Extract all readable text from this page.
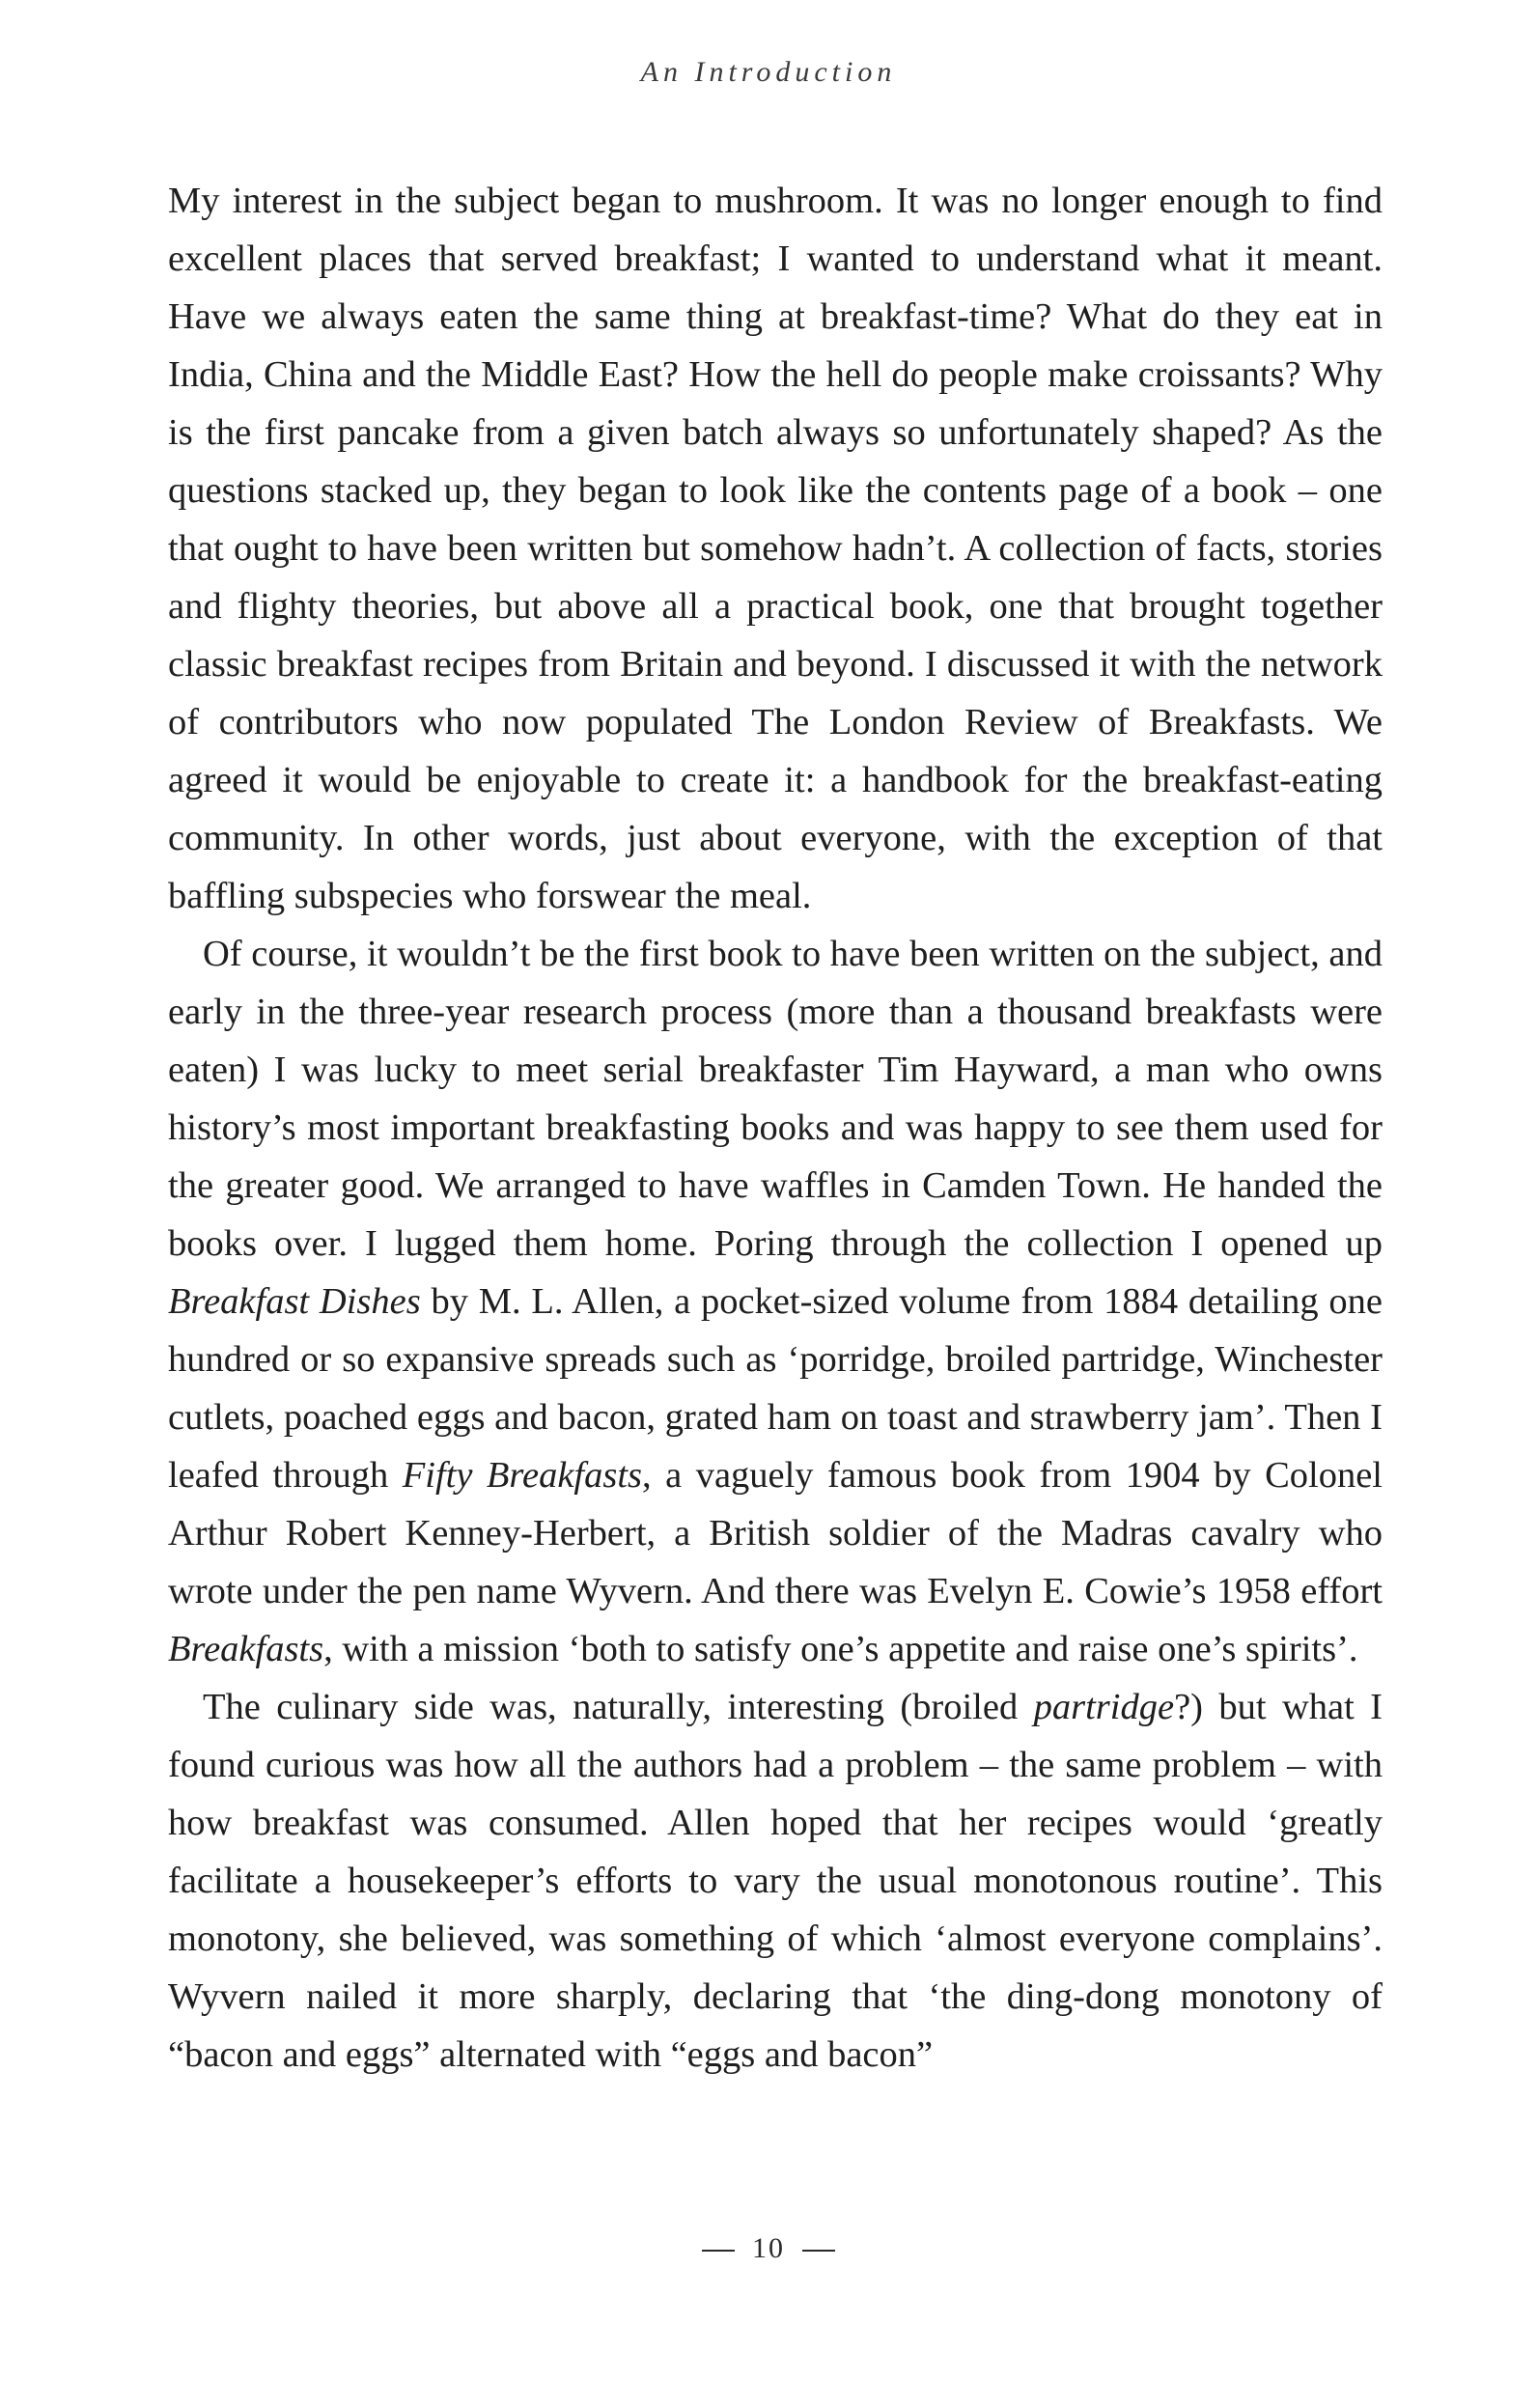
An Introduction

My interest in the subject began to mushroom. It was no longer enough to find excellent places that served breakfast; I wanted to understand what it meant. Have we always eaten the same thing at breakfast-time? What do they eat in India, China and the Middle East? How the hell do people make croissants? Why is the first pancake from a given batch always so unfortunately shaped? As the questions stacked up, they began to look like the contents page of a book – one that ought to have been written but somehow hadn’t. A collection of facts, stories and flighty theories, but above all a practical book, one that brought together classic breakfast recipes from Britain and beyond. I discussed it with the network of contributors who now populated The London Review of Breakfasts. We agreed it would be enjoyable to create it: a handbook for the breakfast-eating community. In other words, just about everyone, with the exception of that baffling subspecies who forswear the meal.

Of course, it wouldn’t be the first book to have been written on the subject, and early in the three-year research process (more than a thousand breakfasts were eaten) I was lucky to meet serial breakfaster Tim Hayward, a man who owns history’s most important breakfasting books and was happy to see them used for the greater good. We arranged to have waffles in Camden Town. He handed the books over. I lugged them home. Poring through the collection I opened up Breakfast Dishes by M. L. Allen, a pocket-sized volume from 1884 detailing one hundred or so expansive spreads such as ‘porridge, broiled partridge, Winchester cutlets, poached eggs and bacon, grated ham on toast and strawberry jam’. Then I leafed through Fifty Breakfasts, a vaguely famous book from 1904 by Colonel Arthur Robert Kenney-Herbert, a British soldier of the Madras cavalry who wrote under the pen name Wyvern. And there was Evelyn E. Cowie’s 1958 effort Breakfasts, with a mission ‘both to satisfy one’s appetite and raise one’s spirits’.

The culinary side was, naturally, interesting (broiled partridge?) but what I found curious was how all the authors had a problem – the same problem – with how breakfast was consumed. Allen hoped that her recipes would ‘greatly facilitate a housekeeper’s efforts to vary the usual monotonous routine’. This monotony, she believed, was something of which ‘almost everyone complains’. Wyvern nailed it more sharply, declaring that ‘the ding-dong monotony of “bacon and eggs” alternated with “eggs and bacon”

10
